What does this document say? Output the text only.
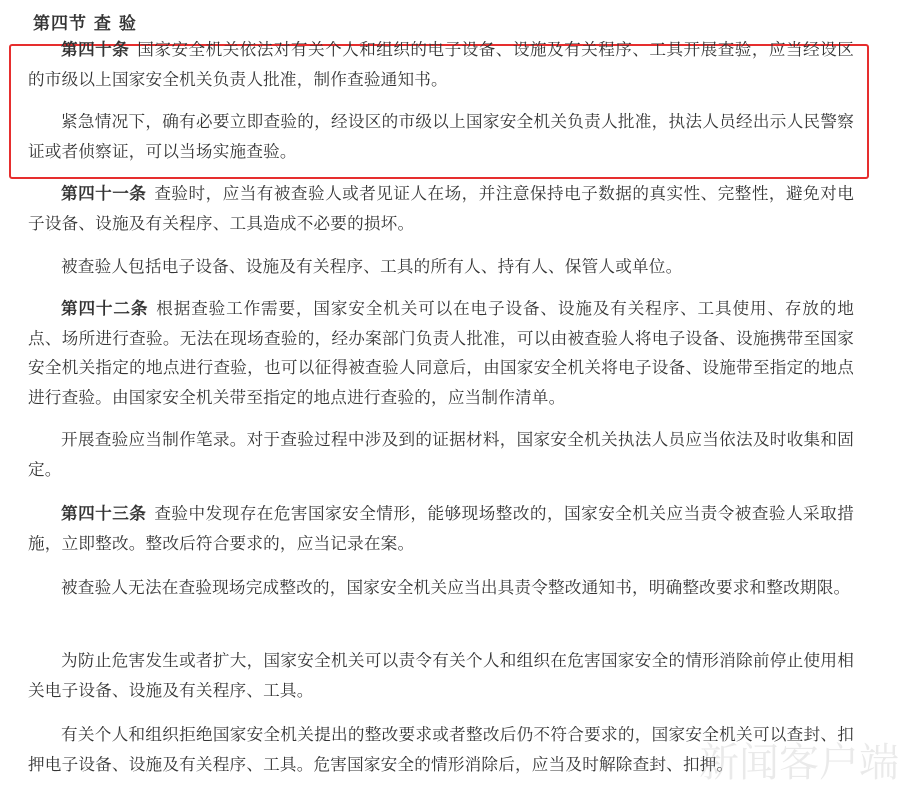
第四节 查 验

第四十条 国家安全机关依法对有关个人和组织的电子设备、设施及有关程序、工具开展查验，应当经设区的市级以上国家安全机关负责人批准，制作查验通知书。

紧急情况下，确有必要立即查验的，经设区的市级以上国家安全机关负责人批准，执法人员经出示人民警察证或者侦察证，可以当场实施查验。

第四十一条 查验时，应当有被查验人或者见证人在场，并注意保持电子数据的真实性、完整性，避免对电子设备、设施及有关程序、工具造成不必要的损坏。

被查验人包括电子设备、设施及有关程序、工具的所有人、持有人、保管人或单位。

第四十二条 根据查验工作需要，国家安全机关可以在电子设备、设施及有关程序、工具使用、存放的地点、场所进行查验。无法在现场查验的，经办案部门负责人批准，可以由被查验人将电子设备、设施携带至国家安全机关指定的地点进行查验，也可以征得被查验人同意后，由国家安全机关将电子设备、设施带至指定的地点进行查验。由国家安全机关带至指定的地点进行查验的，应当制作清单。

开展查验应当制作笔录。对于查验过程中涉及到的证据材料，国家安全机关执法人员应当依法及时收集和固定。

第四十三条 查验中发现存在危害国家安全情形，能够现场整改的，国家安全机关应当责令被查验人采取措施，立即整改。整改后符合要求的，应当记录在案。

被查验人无法在查验现场完成整改的，国家安全机关应当出具责令整改通知书，明确整改要求和整改期限。

为防止危害发生或者扩大，国家安全机关可以责令有关个人和组织在危害国家安全的情形消除前停止使用相关电子设备、设施及有关程序、工具。

有关个人和组织拒绝国家安全机关提出的整改要求或者整改后仍不符合要求的，国家安全机关可以查封、扣押电子设备、设施及有关程序、工具。危害国家安全的情形消除后，应当及时解除查封、扣押。

新闻客户端
